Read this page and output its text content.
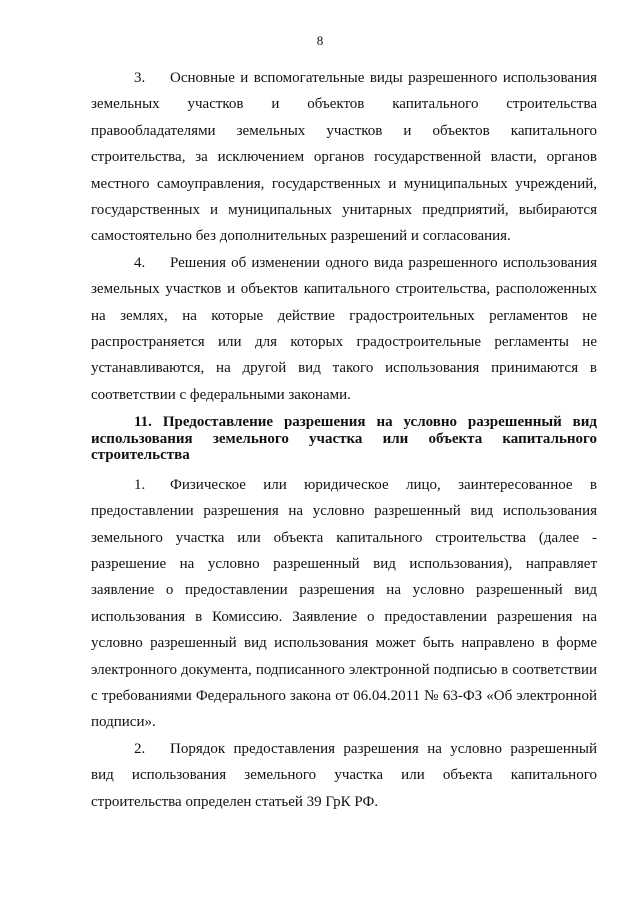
8

3. Основные и вспомогательные виды разрешенного использования земельных участков и объектов капитального строительства правообладателями земельных участков и объектов капитального строительства, за исключением органов государственной власти, органов местного самоуправления, государственных и муниципальных учреждений, государственных и муниципальных унитарных предприятий, выбираются самостоятельно без дополнительных разрешений и согласования.

4. Решения об изменении одного вида разрешенного использования земельных участков и объектов капитального строительства, расположенных на землях, на которые действие градостроительных регламентов не распространяется или для которых градостроительные регламенты не устанавливаются, на другой вид такого использования принимаются в соответствии с федеральными законами.

11. Предоставление разрешения на условно разрешенный вид использования земельного участка или объекта капитального строительства

1. Физическое или юридическое лицо, заинтересованное в предоставлении разрешения на условно разрешенный вид использования земельного участка или объекта капитального строительства (далее - разрешение на условно разрешенный вид использования), направляет заявление о предоставлении разрешения на условно разрешенный вид использования в Комиссию. Заявление о предоставлении разрешения на условно разрешенный вид использования может быть направлено в форме электронного документа, подписанного электронной подписью в соответствии с требованиями Федерального закона от 06.04.2011 № 63-ФЗ «Об электронной подписи».

2. Порядок предоставления разрешения на условно разрешенный вид использования земельного участка или объекта капитального строительства определен статьей 39 ГрК РФ.
